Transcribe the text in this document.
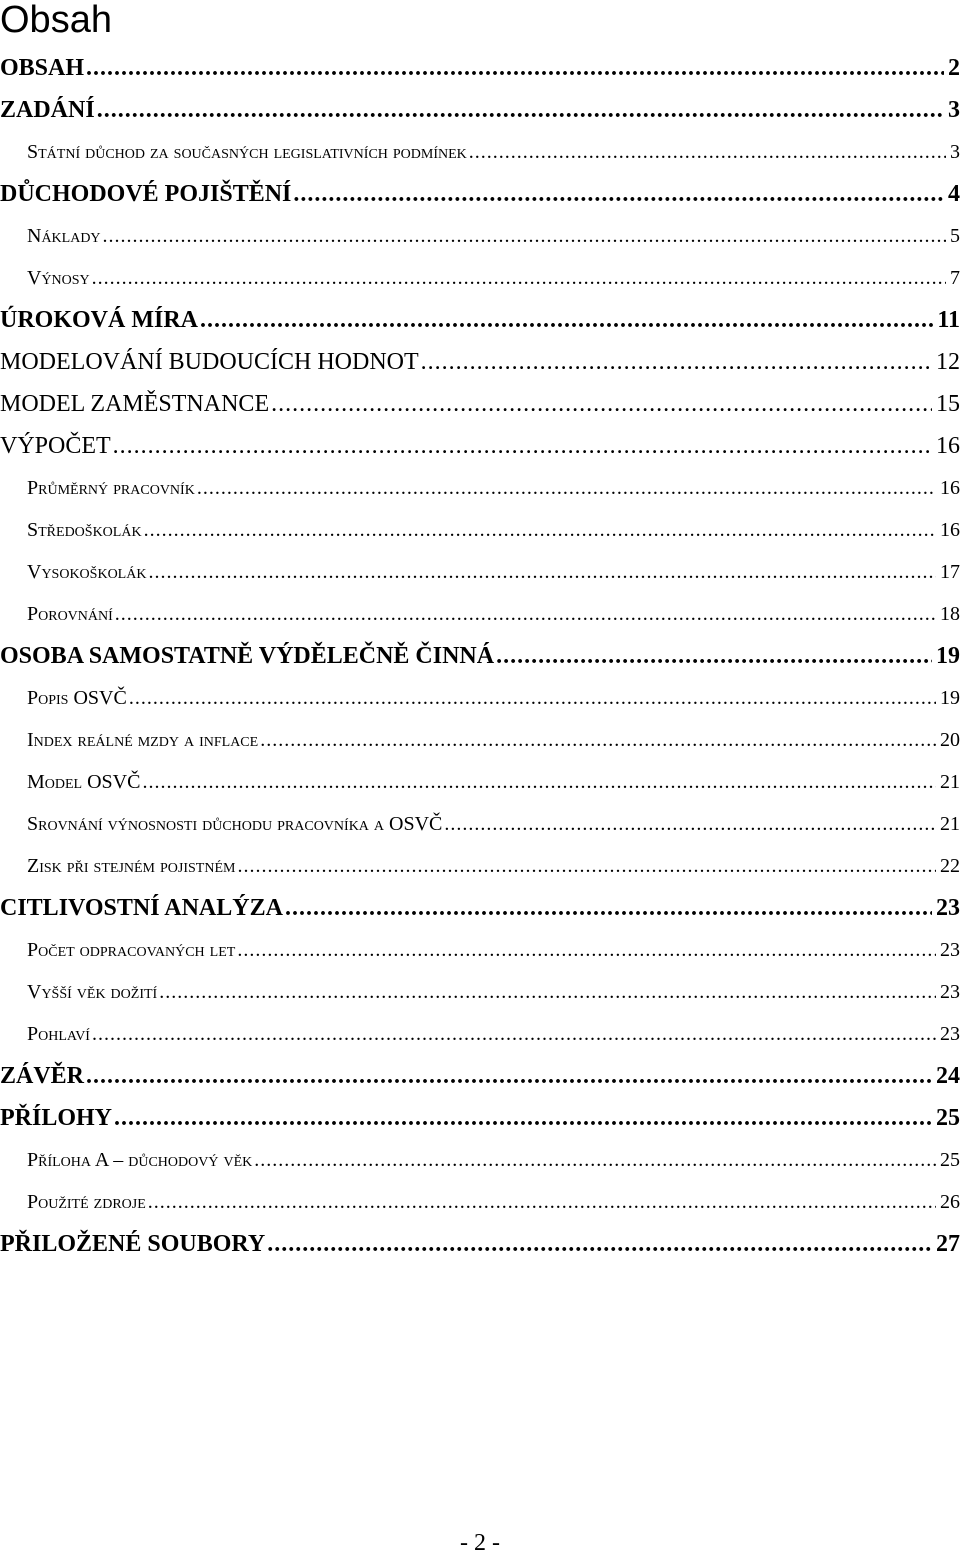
Obsah
OBSAH .....	2
ZADÁNÍ .....	3
Státní důchod za současných legislativních podmínek .....	3
DŮCHODOVÉ POJIŠTĚNÍ .....	4
Náklady .....	5
Výnosy .....	7
ÚROKOVÁ MÍRA .....	11
MODELOVÁNÍ BUDOUCÍCH HODNOT .....	12
MODEL ZAMĚSTNANCE .....	15
VÝPOČET .....	16
Průměrný pracovník .....	16
Středoškolák .....	16
Vysokoškolák .....	17
Porovnání .....	18
OSOBA SAMOSTATNĚ VÝDĚLEČNĚ ČINNÁ .....	19
Popis OSVČ .....	19
Index reálné mzdy a inflace .....	20
Model OSVČ .....	21
Srovnání výnosnosti důchodu pracovníka a OSVČ .....	21
Zisk při stejném pojistném .....	22
CITLIVOSTNÍ ANALÝZA .....	23
Počet odpracovaných let .....	23
Vyšší věk dožití .....	23
Pohlaví .....	23
ZÁVĚR .....	24
PŘÍLOHY .....	25
Příloha A – důchodový věk .....	25
Použité zdroje .....	26
PŘILOŽENÉ SOUBORY .....	27
- 2 -
